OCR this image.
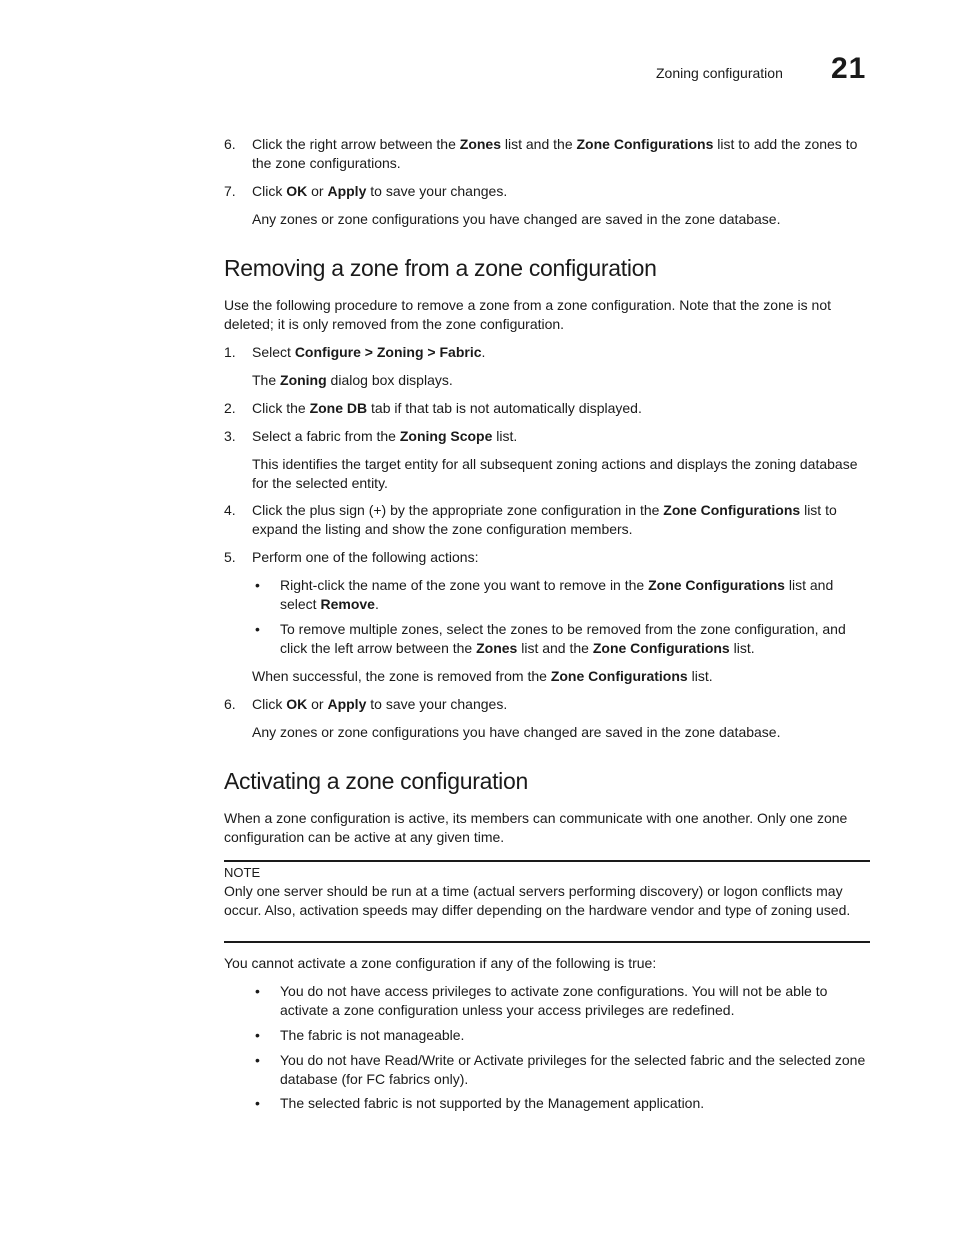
Zoning configuration 21
6. Click the right arrow between the Zones list and the Zone Configurations list to add the zones to the zone configurations.
7. Click OK or Apply to save your changes.
Any zones or zone configurations you have changed are saved in the zone database.
Removing a zone from a zone configuration
Use the following procedure to remove a zone from a zone configuration. Note that the zone is not deleted; it is only removed from the zone configuration.
1. Select Configure > Zoning > Fabric.
The Zoning dialog box displays.
2. Click the Zone DB tab if that tab is not automatically displayed.
3. Select a fabric from the Zoning Scope list.
This identifies the target entity for all subsequent zoning actions and displays the zoning database for the selected entity.
4. Click the plus sign (+) by the appropriate zone configuration in the Zone Configurations list to expand the listing and show the zone configuration members.
5. Perform one of the following actions:
• Right-click the name of the zone you want to remove in the Zone Configurations list and select Remove.
• To remove multiple zones, select the zones to be removed from the zone configuration, and click the left arrow between the Zones list and the Zone Configurations list.
When successful, the zone is removed from the Zone Configurations list.
6. Click OK or Apply to save your changes.
Any zones or zone configurations you have changed are saved in the zone database.
Activating a zone configuration
When a zone configuration is active, its members can communicate with one another. Only one zone configuration can be active at any given time.
NOTE
Only one server should be run at a time (actual servers performing discovery) or logon conflicts may occur. Also, activation speeds may differ depending on the hardware vendor and type of zoning used.
You cannot activate a zone configuration if any of the following is true:
• You do not have access privileges to activate zone configurations. You will not be able to activate a zone configuration unless your access privileges are redefined.
• The fabric is not manageable.
• You do not have Read/Write or Activate privileges for the selected fabric and the selected zone database (for FC fabrics only).
• The selected fabric is not supported by the Management application.
